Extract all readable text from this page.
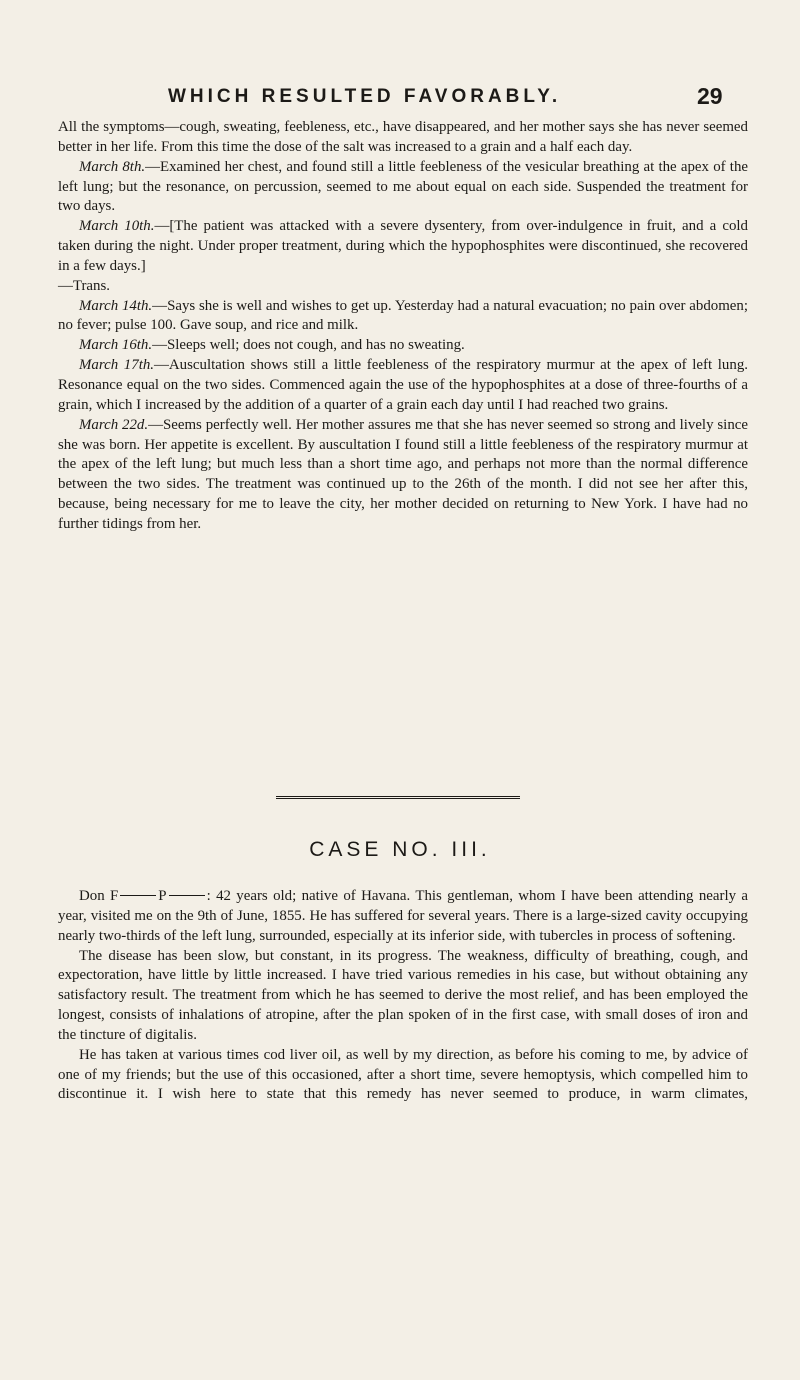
WHICH RESULTED FAVORABLY.	29

All the symptoms—cough, sweating, feebleness, etc., have disappeared, and her mother says she has never seemed better in her life. From this time the dose of the salt was increased to a grain and a half each day.

March 8th.—Examined her chest, and found still a little feebleness of the vesicular breathing at the apex of the left lung; but the resonance, on percussion, seemed to me about equal on each side. Suspended the treatment for two days.

March 10th.—[The patient was attacked with a severe dysentery, from over-indulgence in fruit, and a cold taken during the night. Under proper treatment, during which the hypophosphites were discontinued, she recovered in a few days.]

—Trans.

March 14th.—Says she is well and wishes to get up. Yesterday had a natural evacuation; no pain over abdomen; no fever; pulse 100. Gave soup, and rice and milk.

March 16th.—Sleeps well; does not cough, and has no sweating.

March 17th.—Auscultation shows still a little feebleness of the respiratory murmur at the apex of left lung. Resonance equal on the two sides. Commenced again the use of the hypophosphites at a dose of three-fourths of a grain, which I increased by the addition of a quarter of a grain each day until I had reached two grains.

March 22d.—Seems perfectly well. Her mother assures me that she has never seemed so strong and lively since she was born. Her appetite is excellent. By auscultation I found still a little feebleness of the respiratory murmur at the apex of the left lung; but much less than a short time ago, and perhaps not more than the normal difference between the two sides. The treatment was continued up to the 26th of the month. I did not see her after this, because, being necessary for me to leave the city, her mother decided on returning to New York. I have had no further tidings from her.

CASE NO. III.

Don F	P	: 42 years old; native of Havana. This gentleman, whom I have been attending nearly a year, visited me on the 9th of June, 1855. He has suffered for several years. There is a large-sized cavity occupying nearly two-thirds of the left lung, surrounded, especially at its inferior side, with tubercles in process of softening.

The disease has been slow, but constant, in its progress. The weakness, difficulty of breathing, cough, and expectoration, have little by little increased. I have tried various remedies in his case, but without obtaining any satisfactory result. The treatment from which he has seemed to derive the most relief, and has been employed the longest, consists of inhalations of atropine, after the plan spoken of in the first case, with small doses of iron and the tincture of digitalis.

He has taken at various times cod liver oil, as well by my direction, as before his coming to me, by advice of one of my friends; but the use of this occasioned, after a short time, severe hemoptysis, which compelled him to discontinue it. I wish here to state that this remedy has never seemed to produce, in warm climates,
